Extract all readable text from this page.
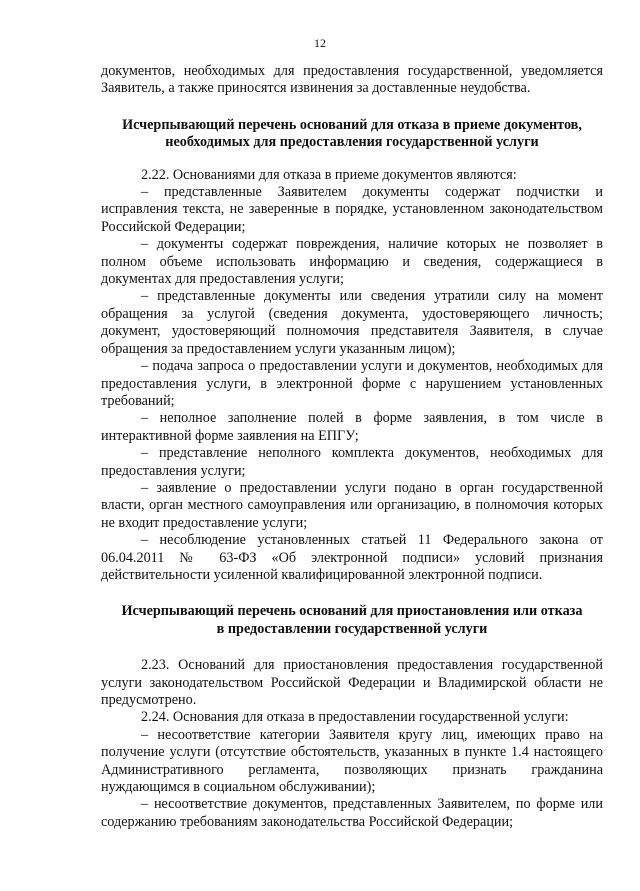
12

документов, необходимых для предоставления государственной, уведомляется Заявитель, а также приносятся извинения за доставленные неудобства.

Исчерпывающий перечень оснований для отказа в приеме документов, необходимых для предоставления государственной услуги

2.22. Основаниями для отказа в приеме документов являются:

– представленные Заявителем документы содержат подчистки и исправления текста, не заверенные в порядке, установленном законодательством Российской Федерации;

– документы содержат повреждения, наличие которых не позволяет в полном объеме использовать информацию и сведения, содержащиеся в документах для предоставления услуги;

– представленные документы или сведения утратили силу на момент обращения за услугой (сведения документа, удостоверяющего личность; документ, удостоверяющий полномочия представителя Заявителя, в случае обращения за предоставлением услуги указанным лицом);

– подача запроса о предоставлении услуги и документов, необходимых для предоставления услуги, в электронной форме с нарушением установленных требований;

– неполное заполнение полей в форме заявления, в том числе в интерактивной форме заявления на ЕПГУ;

– представление неполного комплекта документов, необходимых для предоставления услуги;

– заявление о предоставлении услуги подано в орган государственной власти, орган местного самоуправления или организацию, в полномочия которых не входит предоставление услуги;

– несоблюдение установленных статьей 11 Федерального закона от 06.04.2011 № 63-ФЗ «Об электронной подписи» условий признания действительности усиленной квалифицированной электронной подписи.

Исчерпывающий перечень оснований для приостановления или отказа в предоставлении государственной услуги

2.23. Оснований для приостановления предоставления государственной услуги законодательством Российской Федерации и Владимирской области не предусмотрено.

2.24. Основания для отказа в предоставлении государственной услуги:

– несоответствие категории Заявителя кругу лиц, имеющих право на получение услуги (отсутствие обстоятельств, указанных в пункте 1.4 настоящего Административного регламента, позволяющих признать гражданина нуждающимся в социальном обслуживании);

– несоответствие документов, представленных Заявителем, по форме или содержанию требованиям законодательства Российской Федерации;
